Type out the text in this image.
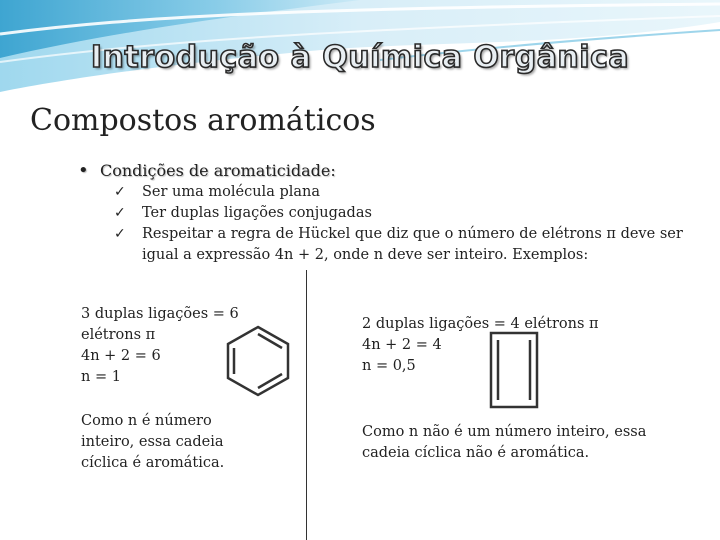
Introdução à Química Orgânica
Compostos aromáticos
• Condições de aromaticidade:
✓ Ser uma molécula plana
✓ Ter duplas ligações conjugadas
✓ Respeitar a regra de Hückel que diz que o número de elétrons π deve ser
igual a expressão 4n + 2, onde n deve ser inteiro. Exemplos:
3 duplas ligações = 6
elétrons π
4n + 2 = 6
n = 1
Como n é número
inteiro, essa cadeia
cíclica é aromática.
2 duplas ligações = 4 elétrons π
4n + 2 = 4
n = 0,5
Como n não é um número inteiro, essa
cadeia cíclica não é aromática.
